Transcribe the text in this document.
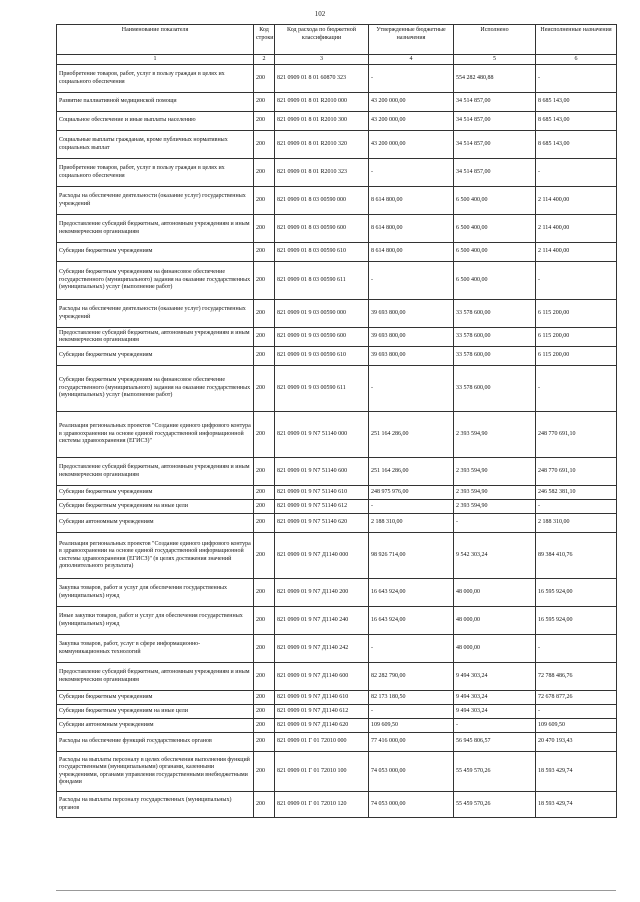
102
Наименование показателя	Код строки	Код расхода по бюджетной классификации	Утвержденные бюджетные назначения	Исполнено	Неисполненные назначения
1	2	3	4	5	6
Приобретение товаров, работ, услуг в пользу граждан в целях их социального обеспечения	200	821 0909 01 8 01 60870 323	-	554 282 480,88	-
Развитие паллиативной медицинской помощи	200	821 0909 01 8 01 R2010 000	43 200 000,00	34 514 857,00	8 685 143,00
Социальное обеспечение и иные выплаты населению	200	821 0909 01 8 01 R2010 300	43 200 000,00	34 514 857,00	8 685 143,00
Социальные выплаты гражданам, кроме публичных нормативных социальных выплат	200	821 0909 01 8 01 R2010 320	43 200 000,00	34 514 857,00	8 685 143,00
Приобретение товаров, работ, услуг в пользу граждан в целях их социального обеспечения	200	821 0909 01 8 01 R2010 323	-	34 514 857,00	-
Расходы на обеспечение деятельности (оказание услуг) государственных учреждений	200	821 0909 01 8 03 00590 000	8 614 800,00	6 500 400,00	2 114 400,00
Предоставление субсидий бюджетным, автономным учреждениям и иным некоммерческим организациям	200	821 0909 01 8 03 00590 600	8 614 800,00	6 500 400,00	2 114 400,00
Субсидии бюджетным учреждениям	200	821 0909 01 8 03 00590 610	8 614 800,00	6 500 400,00	2 114 400,00
Субсидии бюджетным учреждениям на финансовое обеспечение государственного (муниципального) задания на оказание государственных (муниципальных) услуг (выполнение работ)	200	821 0909 01 8 03 00590 611	-	6 500 400,00	-
Расходы на обеспечение деятельности (оказание услуг) государственных учреждений	200	821 0909 01 9 03 00590 000	39 693 800,00	33 578 600,00	6 115 200,00
Предоставление субсидий бюджетным, автономным учреждениям и иным некоммерческим организациям	200	821 0909 01 9 03 00590 600	39 693 800,00	33 578 600,00	6 115 200,00
Субсидии бюджетным учреждениям	200	821 0909 01 9 03 00590 610	39 693 800,00	33 578 600,00	6 115 200,00
Субсидии бюджетным учреждениям на финансовое обеспечение государственного (муниципального) задания на оказание государственных (муниципальных) услуг (выполнение работ)	200	821 0909 01 9 03 00590 611	-	33 578 600,00	-
Реализация региональных проектов "Создание единого цифрового контура в здравоохранении на основе единой государственной информационной системы здравоохранения (ЕГИСЗ)"	200	821 0909 01 9 N7 51140 000	251 164 286,00	2 393 594,90	248 770 691,10
Предоставление субсидий бюджетным, автономным учреждениям и иным некоммерческим организациям	200	821 0909 01 9 N7 51140 600	251 164 286,00	2 393 594,90	248 770 691,10
Субсидии бюджетным учреждениям	200	821 0909 01 9 N7 51140 610	248 975 976,00	2 393 594,90	246 582 381,10
Субсидии бюджетным учреждениям на иные цели	200	821 0909 01 9 N7 51140 612	-	2 393 594,90	-
Субсидии автономным учреждениям	200	821 0909 01 9 N7 51140 620	2 188 310,00	-	2 188 310,00
Реализация региональных проектов "Создание единого цифрового контура в здравоохранении на основе единой государственной информационной системы здравоохранения (ЕГИСЗ)" (в целях достижения значений дополнительного результата)	200	821 0909 01 9 N7 Д1140 000	98 926 714,00	9 542 303,24	89 384 410,76
Закупка товаров, работ и услуг для обеспечения государственных (муниципальных) нужд	200	821 0909 01 9 N7 Д1140 200	16 643 924,00	48 000,00	16 595 924,00
Иные закупки товаров, работ и услуг для обеспечения государственных (муниципальных) нужд	200	821 0909 01 9 N7 Д1140 240	16 643 924,00	48 000,00	16 595 924,00
Закупка товаров, работ, услуг в сфере информационно-коммуникационных технологий	200	821 0909 01 9 N7 Д1140 242	-	48 000,00	-
Предоставление субсидий бюджетным, автономным учреждениям и иным некоммерческим организациям	200	821 0909 01 9 N7 Д1140 600	82 282 790,00	9 494 303,24	72 788 486,76
Субсидии бюджетным учреждениям	200	821 0909 01 9 N7 Д1140 610	82 173 180,50	9 494 303,24	72 678 877,26
Субсидии бюджетным учреждениям на иные цели	200	821 0909 01 9 N7 Д1140 612	-	9 494 303,24	-
Субсидии автономным учреждениям	200	821 0909 01 9 N7 Д1140 620	109 609,50	-	109 609,50
Расходы на обеспечение функций государственных органов	200	821 0909 01 Г 01 72010 000	77 416 000,00	56 945 806,57	20 470 193,43
Расходы на выплаты персоналу в целях обеспечения выполнения функций государственными (муниципальными) органами, казенными учреждениями, органами управления государственными внебюджетными фондами	200	821 0909 01 Г 01 72010 100	74 053 000,00	55 459 570,26	18 593 429,74
Расходы на выплаты персоналу государственных (муниципальных) органов	200	821 0909 01 Г 01 72010 120	74 053 000,00	55 459 570,26	18 593 429,74
